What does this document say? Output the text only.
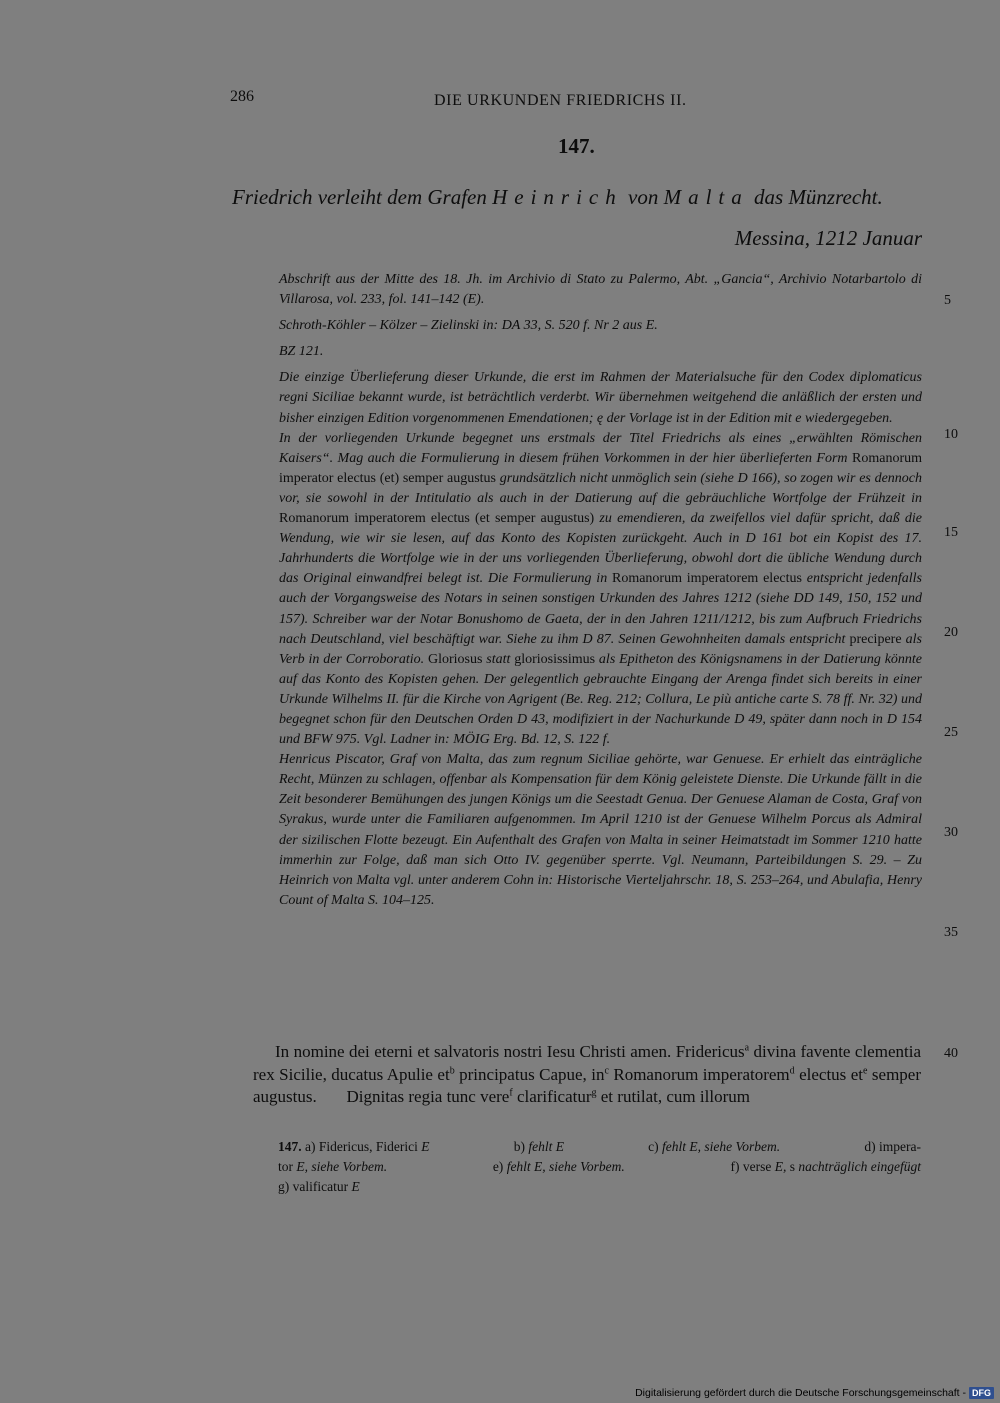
286	DIE URKUNDEN FRIEDRICHS II.
147.
Friedrich verleiht dem Grafen Heinrich von Malta das Münzrecht.
Messina, 1212 Januar

Abschrift aus der Mitte des 18. Jh. im Archivio di Stato zu Palermo, Abt. „Gancia“, Archivio Notarbartolo di Villarosa, vol. 233, fol. 141–142 (E).

Schroth-Köhler – Kölzer – Zielinski in: DA 33, S. 520 f. Nr 2 aus E.

BZ 121.

Die einzige Überlieferung dieser Urkunde, die erst im Rahmen der Materialsuche für den Codex diplomaticus regni Siciliae bekannt wurde, ist beträchtlich verderbt. Wir übernehmen weitgehend die anläßlich der ersten und bisher einzigen Edition vorgenommenen Emendationen; ę der Vorlage ist in der Edition mit e wiedergegeben.

In der vorliegenden Urkunde begegnet uns erstmals der Titel Friedrichs als eines „erwählten Römischen Kaisers“. Mag auch die Formulierung in diesem frühen Vorkommen in der hier überlieferten Form Romanorum imperator electus (et) semper augustus grundsätzlich nicht unmöglich sein (siehe D 166), so zogen wir es dennoch vor, sie sowohl in der Intitulatio als auch in der Datierung auf die gebräuchliche Wortfolge der Frühzeit in Romanorum imperatorem electus (et semper augustus) zu emendieren, da zweifellos viel dafür spricht, daß die Wendung, wie wir sie lesen, auf das Konto des Kopisten zurückgeht. Auch in D 161 bot ein Kopist des 17. Jahrhunderts die Wortfolge wie in der uns vorliegenden Überlieferung, obwohl dort die übliche Wendung durch das Original einwandfrei belegt ist. Die Formulierung in Romanorum imperatorem electus entspricht jedenfalls auch der Vorgangsweise des Notars in seinen sonstigen Urkunden des Jahres 1212 (siehe DD 149, 150, 152 und 157). Schreiber war der Notar Bonushomo de Gaeta, der in den Jahren 1211/1212, bis zum Aufbruch Friedrichs nach Deutschland, viel beschäftigt war. Siehe zu ihm D 87. Seinen Gewohnheiten damals entspricht precipere als Verb in der Corroboratio. Gloriosus statt gloriosissimus als Epitheton des Königsnamens in der Datierung könnte auf das Konto des Kopisten gehen. Der gelegentlich gebrauchte Eingang der Arenga findet sich bereits in einer Urkunde Wilhelms II. für die Kirche von Agrigent (Be. Reg. 212; Collura, Le più antiche carte S. 78 ff. Nr. 32) und begegnet schon für den Deutschen Orden D 43, modifiziert in der Nachurkunde D 49, später dann noch in D 154 und BFW 975. Vgl. Ladner in: MÖIG Erg. Bd. 12, S. 122 f.

Henricus Piscator, Graf von Malta, das zum regnum Siciliae gehörte, war Genuese. Er erhielt das einträgliche Recht, Münzen zu schlagen, offenbar als Kompensation für dem König geleistete Dienste. Die Urkunde fällt in die Zeit besonderer Bemühungen des jungen Königs um die Seestadt Genua. Der Genuese Alaman de Costa, Graf von Syrakus, wurde unter die Familiaren aufgenommen. Im April 1210 ist der Genuese Wilhelm Porcus als Admiral der sizilischen Flotte bezeugt. Ein Aufenthalt des Grafen von Malta in seiner Heimatstadt im Sommer 1210 hatte immerhin zur Folge, daß man sich Otto IV. gegenüber sperrte. Vgl. Neumann, Parteibildungen S. 29. – Zu Heinrich von Malta vgl. unter anderem Cohn in: Historische Vierteljahrschr. 18, S. 253–264, und Abulafia, Henry Count of Malta S. 104–125.

5
10
15
20
25
30
35
40

In nomine dei eterni et salvatoris nostri Iesu Christi amen. Fridericus$^a$ divina favente clementia rex Sicilie, ducatus Apulie $et^b$ principatus Capue, $in^c$ Romanorum imperatorem$^d$ electus $et^e$ semper augustus.       Dignitas regia tunc vere$^f$ clarificatur$^g$ et rutilat, cum illorum

147. a) Fidericus, Fiderici E	b) fehlt E	c) fehlt E, siehe Vorbem.	d) impera-
tor E, siehe Vorbem.	e) fehlt E, siehe Vorbem.	f) verse E, s nachträglich eingefügt
g) valificatur E
Digitalisierung gefördert durch die Deutsche Forschungsgemeinschaft - DFG
